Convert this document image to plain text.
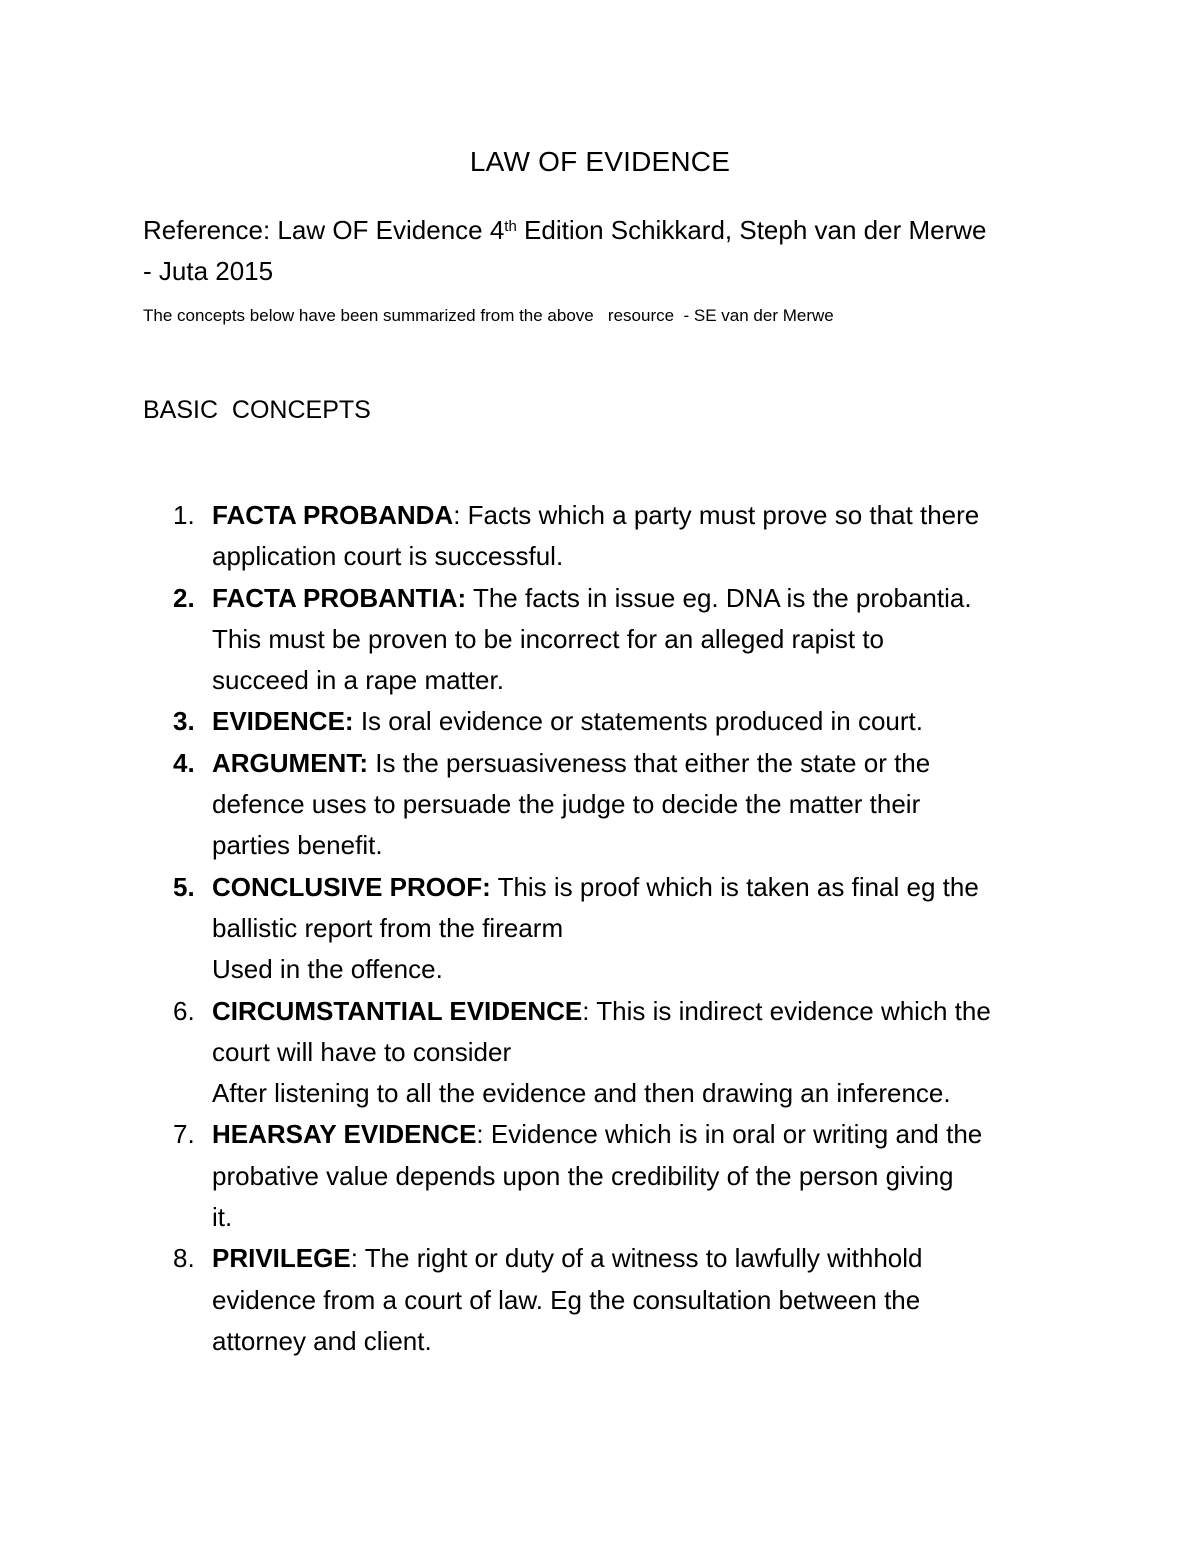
LAW OF EVIDENCE
Reference: Law OF Evidence 4th Edition Schikkard, Steph van der Merwe
- Juta 2015
The concepts below have been summarized from the above   resource  - SE van der Merwe
BASIC  CONCEPTS
1. FACTA PROBANDA: Facts which a party must prove so that there
application court is successful.
2. FACTA PROBANTIA: The facts in issue eg. DNA is the probantia.
This must be proven to be incorrect for an alleged rapist to
succeed in a rape matter.
3. EVIDENCE: Is oral evidence or statements produced in court.
4. ARGUMENT: Is the persuasiveness that either the state or the
defence uses to persuade the judge to decide the matter their
parties benefit.
5. CONCLUSIVE PROOF: This is proof which is taken as final eg the
ballistic report from the firearm
Used in the offence.
6. CIRCUMSTANTIAL EVIDENCE: This is indirect evidence which the
court will have to consider
After listening to all the evidence and then drawing an inference.
7. HEARSAY EVIDENCE: Evidence which is in oral or writing and the
probative value depends upon the credibility of the person giving
it.
8. PRIVILEGE: The right or duty of a witness to lawfully withhold
evidence from a court of law. Eg the consultation between the
attorney and client.
